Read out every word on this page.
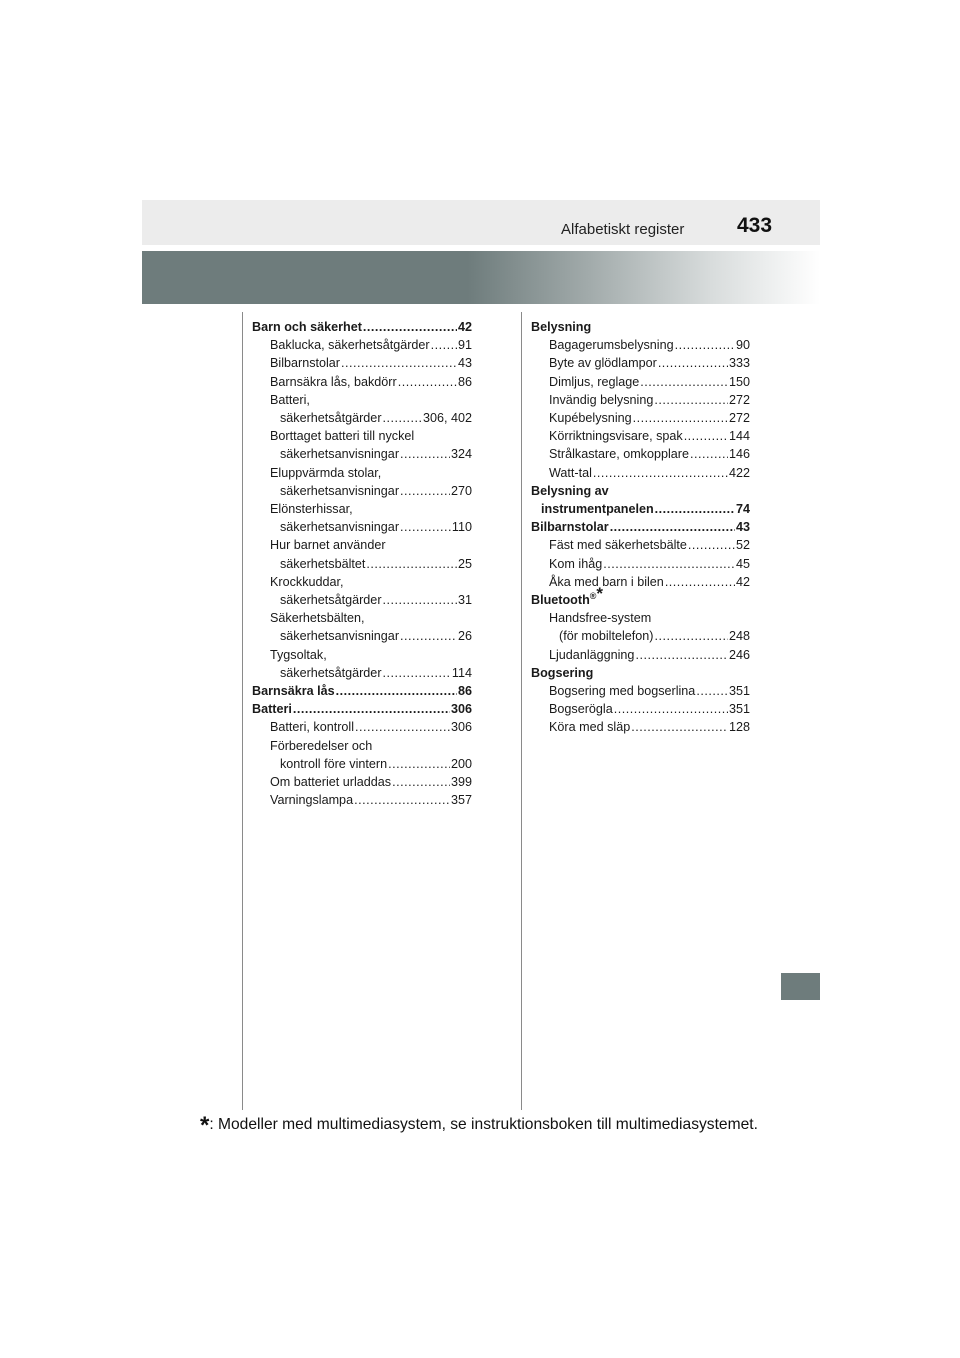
Alfabetiskt register	433
Barn och säkerhet .....	42
Baklucka, säkerhetsåtgärder ..... 91
Bilbarnstolar .....	43
Barnsäkra lås, bakdörr .....	86
Batteri,
säkerhetsåtgärder .....	306, 402
Borttaget batteri till nyckel
säkerhetsanvisningar .....	324
Eluppvärmda stolar,
säkerhetsanvisningar .....	270
Elönsterhissar,
säkerhetsanvisningar .....	110
Hur barnet använder
säkerhetsbältet .....	25
Krockkuddar,
säkerhetsåtgärder .....	31
Säkerhetsbälten,
säkerhetsanvisningar .....	26
Tygsoltak,
säkerhetsåtgärder .....	114
Barnsäkra lås .....	86
Batteri .....	306
Batteri, kontroll .....	306
Förberedelser och
kontroll före vintern .....	200
Om batteriet urladdas .....	399
Varningslampa .....	357
Belysning
Bagagerumsbelysning .....	90
Byte av glödlampor .....	333
Dimljus, reglage .....	150
Invändig belysning .....	272
Kupébelysning .....	272
Körriktningsvisare, spak .....	144
Strålkastare, omkopplare .....	146
Watt-tal .....	422
Belysning av
instrumentpanelen .....	74
Bilbarnstolar .....	43
Fäst med säkerhetsbälte .....	52
Kom ihåg .....	45
Åka med barn i bilen .....	42
Bluetooth®*
Handsfree-system
(för mobiltelefon) .....	248
Ljudanläggning .....	246
Bogsering
Bogsering med bogserlina .....	351
Bogserögla .....	351
Köra med släp .....	128
*: Modeller med multimediasystem, se instruktionsboken till multimediasystemet.
